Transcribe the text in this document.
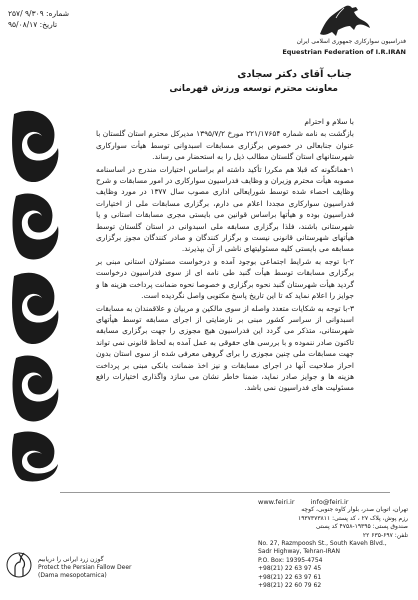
شماره: ۹/۳۰۹ /۲۵۷
تاریخ: ۹۵/۰۸/۱۷
فدراسیون سوارکاری جمهوری اسلامی ایران
Equestrian Federation of I.R.IRAN
جناب آقای دکتر سجادی
معاونت محترم توسعه ورزش قهرمانی

با سلام و احترام

بازگشت به نامه شماره ۲۲۱/۱۷۶۵۴ مورخ ۱۳۹۵/۷/۲ مدیرکل محترم استان گلستان با عنوان جنابعالی در خصوص برگزاری مسابقات اسبدوانی توسط هیأت سوارکاری شهرستانهای استان گلستان مطالب ذیل را به استحضار می رساند.

۱-همانگونه که قبلا هم مکررا تأکید داشته ام براساس اختیارات مندرج در اساسنامه مصوبه هیأت محترم وزیران و وظایف فدراسیون سوارکاری در امور مسابقات و شرح وظایف احصاء شده توسط شورایعالی اداری مصوب سال ۱۳۷۷ در مورد وظایف فدراسیون سوارکاری مجددا اعلام می دارم، برگزاری مسابقات ملی از اختیارات فدراسیون بوده و هیأتها براساس قوانین می بایستی مجری مسابقات استانی و یا شهرستانی باشند، فلذا برگزاری مسابقه ملی اسبدوانی در استان گلستان توسط هیأتهای شهرستانی قانونی نیست و برگزار کنندگان و صادر کنندگان مجوز برگزاری مسابقه می بایستی کلیه مسئولیتهای ناشی از آن بپذیرند.

۲-با توجه به شرایط اجتماعی بوجود آمده و درخواست مسئولان استانی مبنی بر برگزاری مسابقات توسط هیأت گنبد طی نامه ای از سوی فدراسیون درخواست گردید هیأت شهرستان گنبد نحوه برگزاری و خصوصا نحوه ضمانت پرداخت هزینه ها و جوایز را اعلام نماید که تا این تاریخ پاسخ مکتوبی واصل نگردیده است.

۳-با توجه به شکایات متعدد واصله از سوی مالکین و مربیان و علاقمندان به مسابقات اسبدوانی از سراسر کشور مبنی بر نارضایتی از اجرای مسابقه توسط هیأتهای شهرستانی، متذکر می گردد این فدراسیون هیچ مجوزی را جهت برگزاری مسابقه تاکنون صادر ننموده و با بررسی های حقوقی به عمل آمده به لحاظ قانونی نمی تواند جهت مسابقات ملی چنین مجوزی را برای گروهی معرفی شده از سوی استان بدون احراز صلاحیت آنها در اجرای مسابقات و نیز اخذ ضمانت بانکی مبنی بر پرداخت هزینه ها و جوایز صادر نماید، ضمنا خاطر نشان می سازد واگذاری اختیارات رافع مسئولیت های فدراسیون نمی باشد.

www.feiri.ir info@feiri.ir
تهران، اتوبان صدر، بلوار کاوه جنوبی، کوچه
رزم پوش، پلاک ۲۷ ، کد پستی: ۱۹۳۷۳۷۳۸۱۱
صندوق پستی: ۱۹۳۹۵-۴۷۵۸ کد پستی
تلفن: ۶۹۷-۶۳۵ ۲۲
No. 27, Razmpoosh St., South Kaveh Blvd.,
Sadr Highway, Tehran-IRAN
P.O. Box: 19395-4754
+98(21) 22 63 97 45
+98(21) 22 63 97 61
+98(21) 22 60 79 62
گوزن زرد ایرانی را دریابیم
Protect the Persian Fallow Deer
(Dama mesopotamica)
